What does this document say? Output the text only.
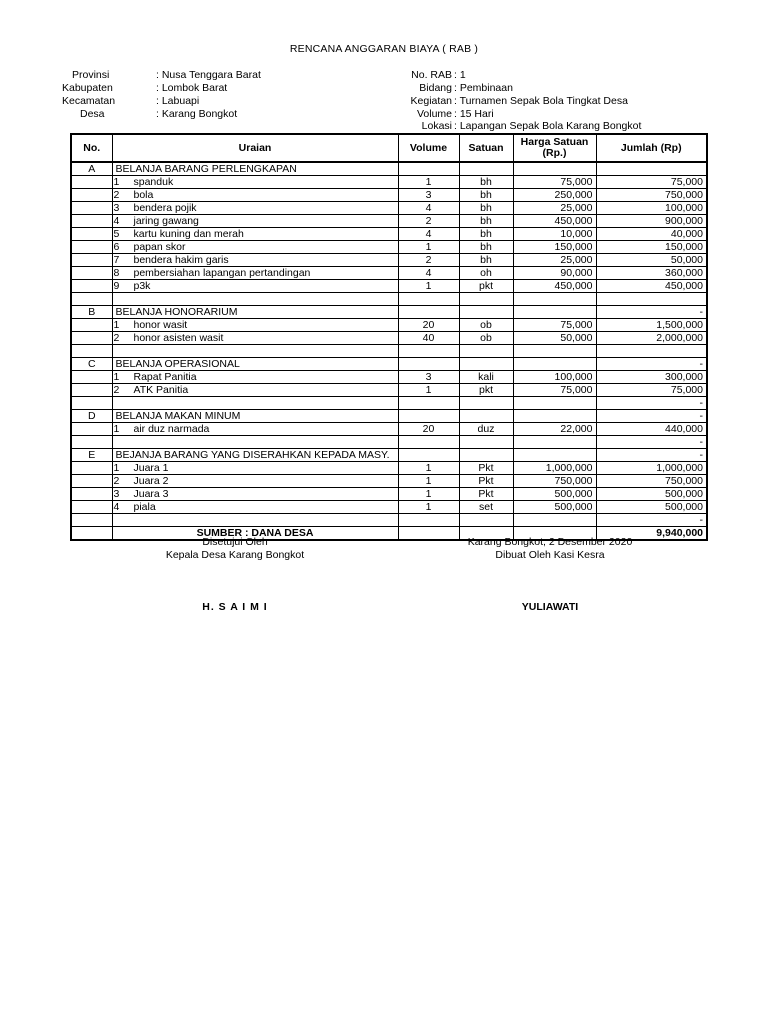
RENCANA ANGGARAN BIAYA ( RAB )
Provinsi	: Nusa Tenggara Barat
Kabupaten	: Lombok Barat
Kecamatan	: Labuapi
Desa	: Karang Bongkot
No. RAB : 1
Bidang : Pembinaan
Kegiatan : Turnamen Sepak Bola Tingkat Desa
Volume : 15 Hari
Lokasi : Lapangan Sepak Bola Karang Bongkot
No.	Uraian	Volume	Satuan	Harga Satuan (Rp.)	Jumlah (Rp)
A	BELANJA BARANG PERLENGKAPAN				
	1 spanduk	1	bh	75,000	75,000
	2 bola	3	bh	250,000	750,000
	3 bendera pojik	4	bh	25,000	100,000
	4 jaring gawang	2	bh	450,000	900,000
	5 kartu kuning dan merah	4	bh	10,000	40,000
	6 papan skor	1	bh	150,000	150,000
	7 bendera hakim garis	2	bh	25,000	50,000
	8 pembersiahan lapangan pertandingan	4	oh	90,000	360,000
	9 p3k	1	pkt	450,000	450,000

B	BELANJA HONORARIUM				-
	1 honor wasit	20	ob	75,000	1,500,000
	2 honor asisten wasit	40	ob	50,000	2,000,000

C	BELANJA OPERASIONAL				-
	1 Rapat Panitia	3	kali	100,000	300,000
	2 ATK Panitia	1	pkt	75,000	75,000
					-
D	BELANJA MAKAN MINUM				-
	1 air duz narmada	20	duz	22,000	440,000
					-
E	BEJANJA BARANG YANG DISERAHKAN KEPADA MASY.				-
	1 Juara 1	1	Pkt	1,000,000	1,000,000
	2 Juara 2	1	Pkt	750,000	750,000
	3 Juara 3	1	Pkt	500,000	500,000
	4 piala	1	set	500,000	500,000
					-
	SUMBER : DANA DESA				9,940,000
Disetujui Oleh
Kepala Desa Karang Bongkot
H. S A I M I
Karang Bongkot, 2 Desember 2020
Dibuat Oleh Kasi Kesra
YULIAWATI
